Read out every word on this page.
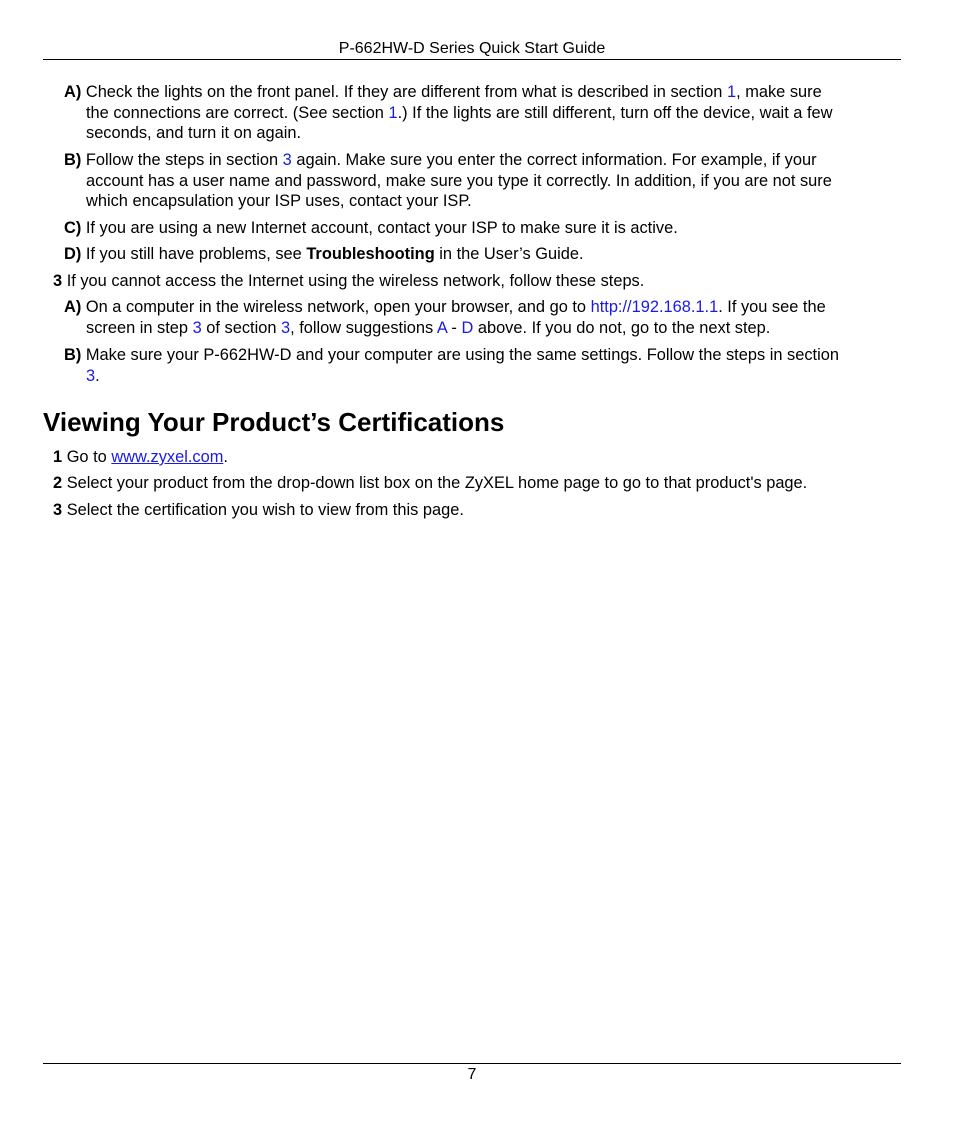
P-662HW-D Series Quick Start Guide
A) Check the lights on the front panel. If they are different from what is described in section 1, make sure
the connections are correct. (See section 1.) If the lights are still different, turn off the device, wait a few
seconds, and turn it on again.
B) Follow the steps in section 3 again. Make sure you enter the correct information. For example, if your
account has a user name and password, make sure you type it correctly. In addition, if you are not sure
which encapsulation your ISP uses, contact your ISP.
C) If you are using a new Internet account, contact your ISP to make sure it is active.
D) If you still have problems, see Troubleshooting in the User’s Guide.
3 If you cannot access the Internet using the wireless network, follow these steps.
A) On a computer in the wireless network, open your browser, and go to http://192.168.1.1. If you see the
screen in step 3 of section 3, follow suggestions A - D above. If you do not, go to the next step.
B) Make sure your P-662HW-D and your computer are using the same settings. Follow the steps in section
3.
Viewing Your Product’s Certifications
1 Go to www.zyxel.com.
2 Select your product from the drop-down list box on the ZyXEL home page to go to that product's page.
3 Select the certification you wish to view from this page.
7
